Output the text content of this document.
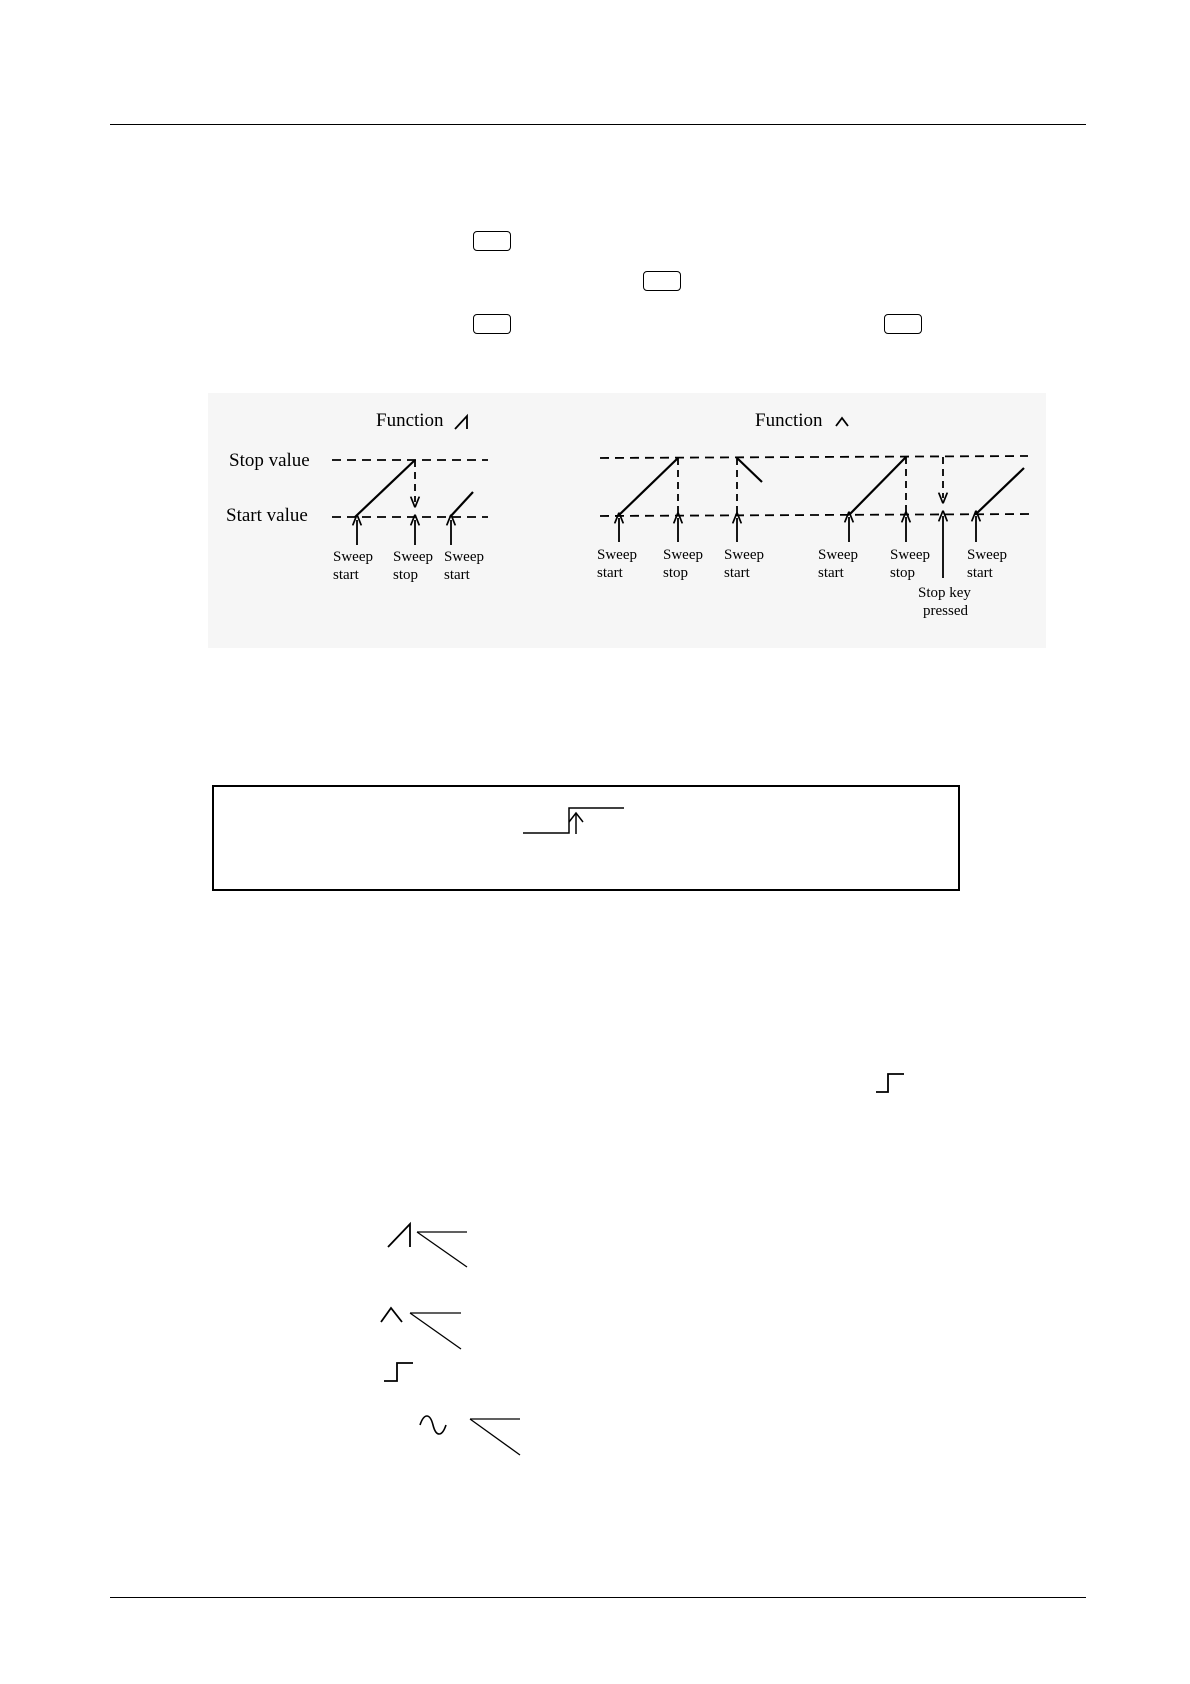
Function
Stop value
Start value
Sweep
start
Sweep
stop
Sweep
start
Function
Sweep
start
Sweep
stop
Sweep
start
Sweep
start
Sweep
stop
Sweep
start
Stop key
pressed
